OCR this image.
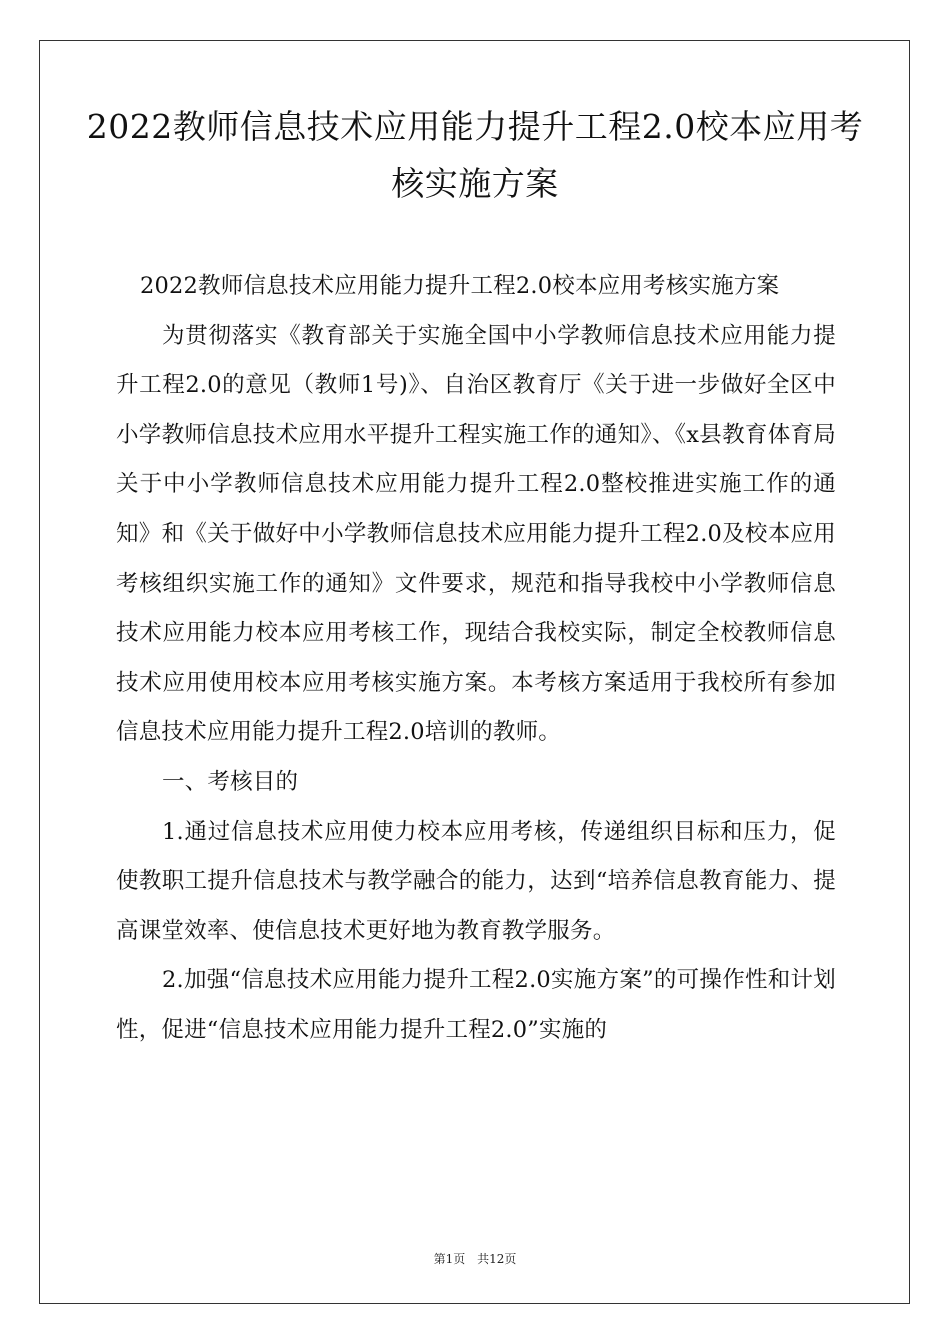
2022教师信息技术应用能力提升工程2.0校本应用考核实施方案

2022教师信息技术应用能力提升工程2.0校本应用考核实施方案

为贯彻落实《教育部关于实施全国中小学教师信息技术应用能力提升工程2.0的意见（教师1号)》、自治区教育厅《关于进一步做好全区中小学教师信息技术应用水平提升工程实施工作的通知》、《x县教育体育局关于中小学教师信息技术应用能力提升工程2.0整校推进实施工作的通知》和《关于做好中小学教师信息技术应用能力提升工程2.0及校本应用考核组织实施工作的通知》文件要求，规范和指导我校中小学教师信息技术应用能力校本应用考核工作，现结合我校实际，制定全校教师信息技术应用使用校本应用考核实施方案。本考核方案适用于我校所有参加信息技术应用能力提升工程2.0培训的教师。

一、考核目的

1.通过信息技术应用使力校本应用考核，传递组织目标和压力，促使教职工提升信息技术与教学融合的能力，达到“培养信息教育能力、提高课堂效率、使信息技术更好地为教育教学服务。

2.加强“信息技术应用能力提升工程2.0实施方案”的可操作性和计划性，促进“信息技术应用能力提升工程2.0”实施的

第1页 共12页
